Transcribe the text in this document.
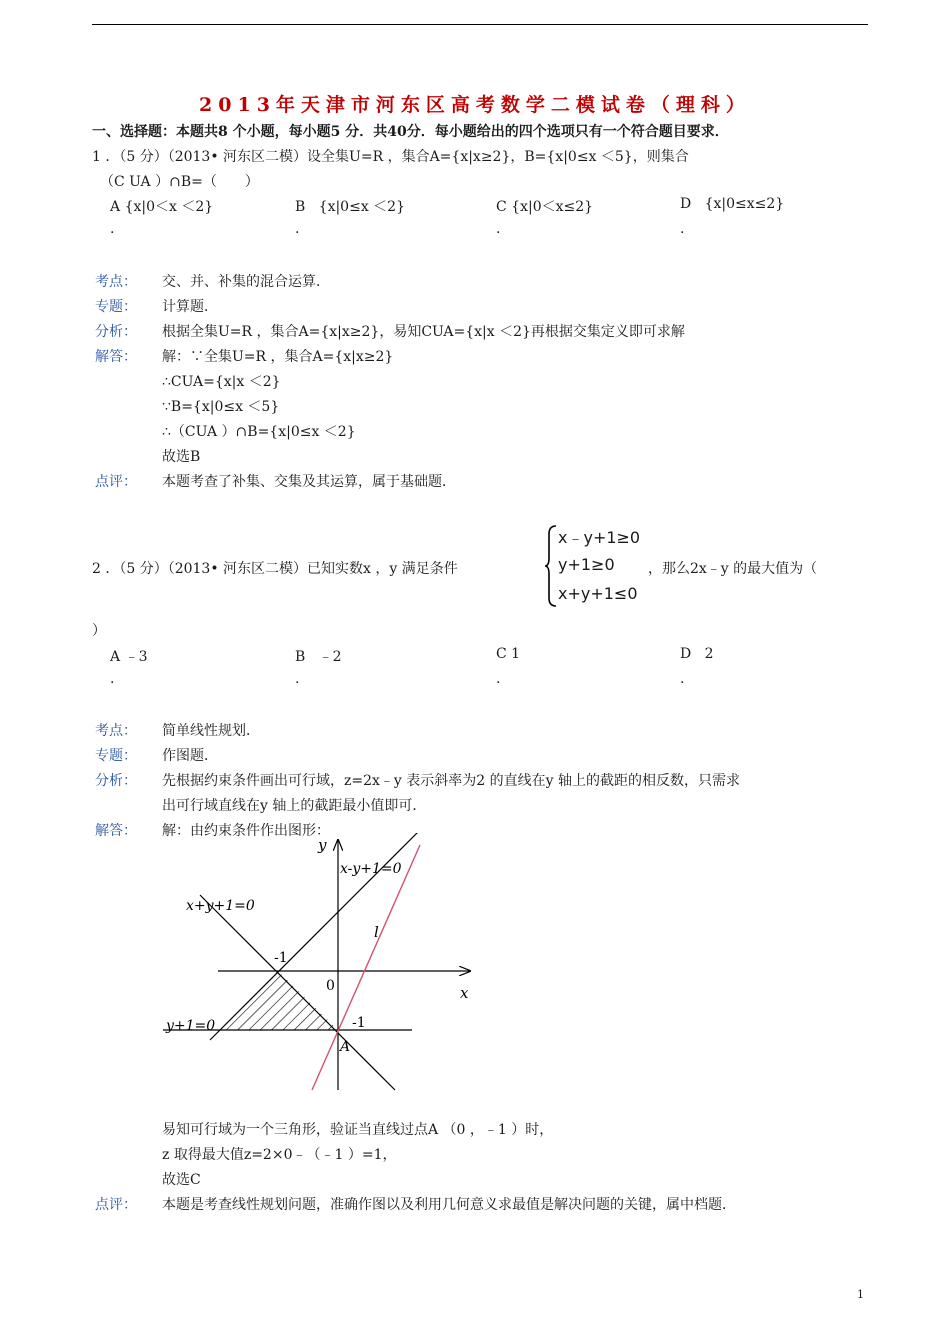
2013年天津市河东区高考数学二模试卷（理科）
一、选择题：本题共8 个小题，每小题5 分．共40分．每小题给出的四个选项只有一个符合题目要求．
1 ．（5 分）（2013• 河东区二模）设全集U=R ，集合A={x|x≥2}，B={x|0≤x ＜5}，则集合
（C UA ）∩B=（　　）
A {x|0＜x ＜2}
.
B {x|0≤x ＜2}
.
C {x|0＜x≤2}
.
D {x|0≤x≤2}
.
考点： 交、并、补集的混合运算．
专题： 计算题．
分析： 根据全集U=R ，集合A={x|x≥2}，易知CUA={x|x ＜2}再根据交集定义即可求解
解答： 解：∵全集U=R ，集合A={x|x≥2}
∴CUA={x|x ＜2}
∵B={x|0≤x ＜5}
∴（CUA ）∩B={x|0≤x ＜2}
故选B
点评： 本题考查了补集、交集及其运算，属于基础题．
2 ．（5 分）（2013• 河东区二模）已知实数x ，y 满足条件
x﹣y+1≥0
y+1≥0
x+y+1≤0
，那么2x﹣y 的最大值为（
）
A ﹣3
.
B ﹣2
.
C 1
.
D 2
.
考点： 简单线性规划．
专题： 作图题．
分析： 先根据约束条件画出可行域，z=2x﹣y 表示斜率为2 的直线在y 轴上的截距的相反数，只需求
出可行域直线在y 轴上的截距最小值即可．
解答： 解：由约束条件作出图形：
y
x
x-y+1=0
x+y+1=0
y+1=0
l
0
-1
-1
A
易知可行域为一个三角形，验证当直线过点A （0 ，﹣1 ）时，
z 取得最大值z=2×0﹣（﹣1 ）=1，
故选C
点评： 本题是考查线性规划问题，准确作图以及利用几何意义求最值是解决问题的关键，属中档题．
1
